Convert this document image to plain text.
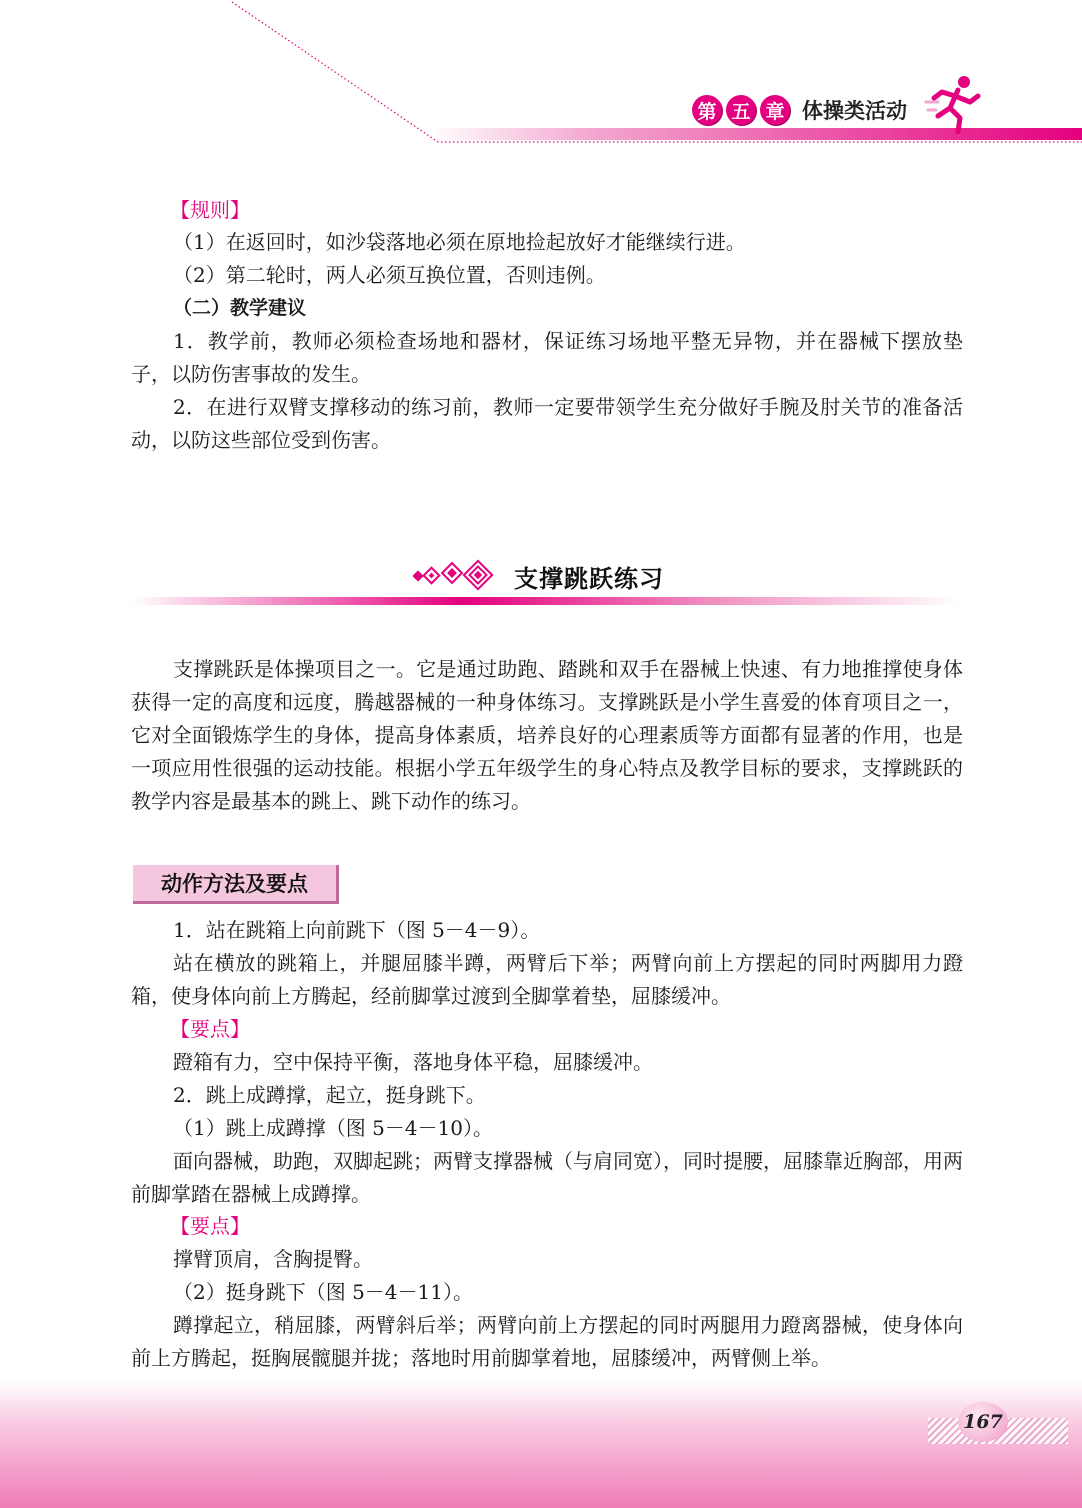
第 五 章 体操类活动

【规则】

（1）在返回时，如沙袋落地必须在原地捡起放好才能继续行进。

（2）第二轮时，两人必须互换位置，否则违例。

（二）教学建议

1．教学前，教师必须检查场地和器材，保证练习场地平整无异物，并在器械下摆放垫子，以防伤害事故的发生。

2．在进行双臂支撑移动的练习前，教师一定要带领学生充分做好手腕及肘关节的准备活动，以防这些部位受到伤害。

支撑跳跃练习

支撑跳跃是体操项目之一。它是通过助跑、踏跳和双手在器械上快速、有力地推撑使身体获得一定的高度和远度，腾越器械的一种身体练习。支撑跳跃是小学生喜爱的体育项目之一，它对全面锻炼学生的身体，提高身体素质，培养良好的心理素质等方面都有显著的作用，也是一项应用性很强的运动技能。根据小学五年级学生的身心特点及教学目标的要求，支撑跳跃的教学内容是最基本的跳上、跳下动作的练习。

动作方法及要点

1．站在跳箱上向前跳下（图 5－4－9）。

站在横放的跳箱上，并腿屈膝半蹲，两臂后下举；两臂向前上方摆起的同时两脚用力蹬箱，使身体向前上方腾起，经前脚掌过渡到全脚掌着垫，屈膝缓冲。

【要点】

蹬箱有力，空中保持平衡，落地身体平稳，屈膝缓冲。

2．跳上成蹲撑，起立，挺身跳下。

（1）跳上成蹲撑（图 5－4－10）。

面向器械，助跑，双脚起跳；两臂支撑器械（与肩同宽），同时提腰，屈膝靠近胸部，用两前脚掌踏在器械上成蹲撑。

【要点】

撑臂顶肩，含胸提臀。

（2）挺身跳下（图 5－4－11）。

蹲撑起立，稍屈膝，两臂斜后举；两臂向前上方摆起的同时两腿用力蹬离器械，使身体向前上方腾起，挺胸展髋腿并拢；落地时用前脚掌着地，屈膝缓冲，两臂侧上举。

167
